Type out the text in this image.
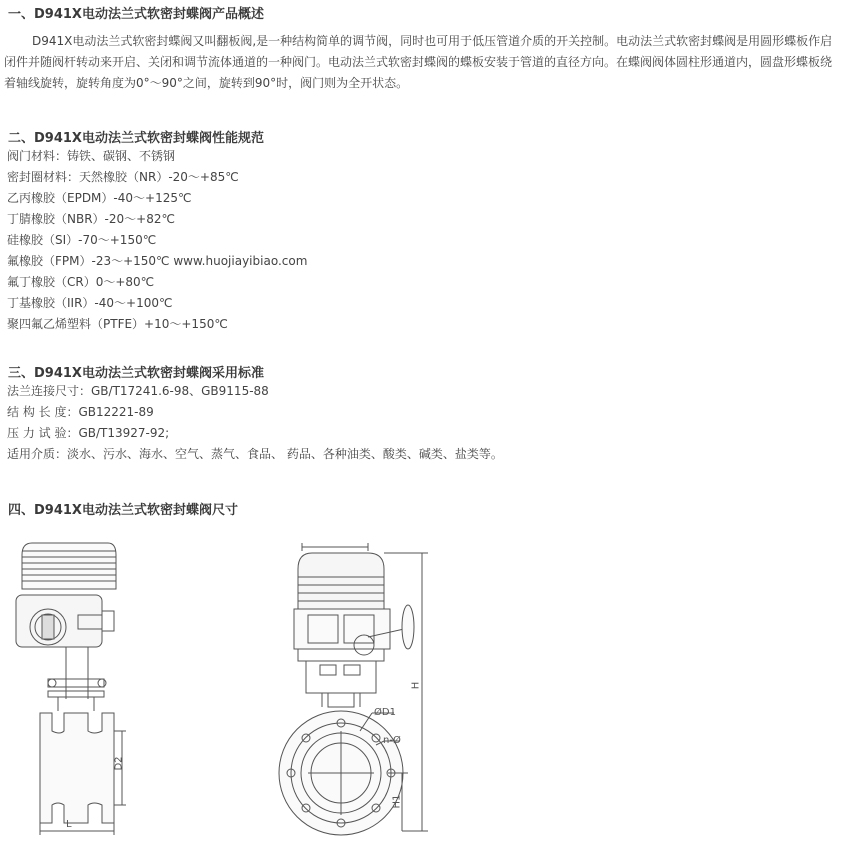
一、D941X电动法兰式软密封蝶阀产品概述
D941X电动法兰式软密封蝶阀又叫翻板阀,是一种结构简单的调节阀，同时也可用于低压管道介质的开关控制。电动法兰式软密封蝶阀是用圆形蝶板作启闭件并随阀杆转动来开启、关闭和调节流体通道的一种阀门。电动法兰式软密封蝶阀的蝶板安装于管道的直径方向。在蝶阀阀体圆柱形通道内，圆盘形蝶板绕着轴线旋转，旋转角度为0°～90°之间，旋转到90°时，阀门则为全开状态。
二、D941X电动法兰式软密封蝶阀性能规范
阀门材料：铸铁、碳钢、不锈钢
密封圈材料：天然橡胶（NR）-20～+85℃
乙丙橡胶（EPDM）-40～+125℃
丁腈橡胶（NBR）-20～+82℃
硅橡胶（SI）-70～+150℃
氟橡胶（FPM）-23～+150℃ www.huojiayibiao.com
氟丁橡胶（CR）0～+80℃
丁基橡胶（IIR）-40～+100℃
聚四氟乙烯塑料（PTFE）+10～+150℃
三、D941X电动法兰式软密封蝶阀采用标准
法兰连接尺寸：GB/T17241.6-98、GB9115-88
结 构 长 度：GB12221-89
压 力 试 验：GB/T13927-92;
适用介质：淡水、污水、海水、空气、蒸气、食品、 药品、各种油类、酸类、碱类、盐类等。
四、D941X电动法兰式软密封蝶阀尺寸
D2
L
ØD1
n-Ø
H
H1
